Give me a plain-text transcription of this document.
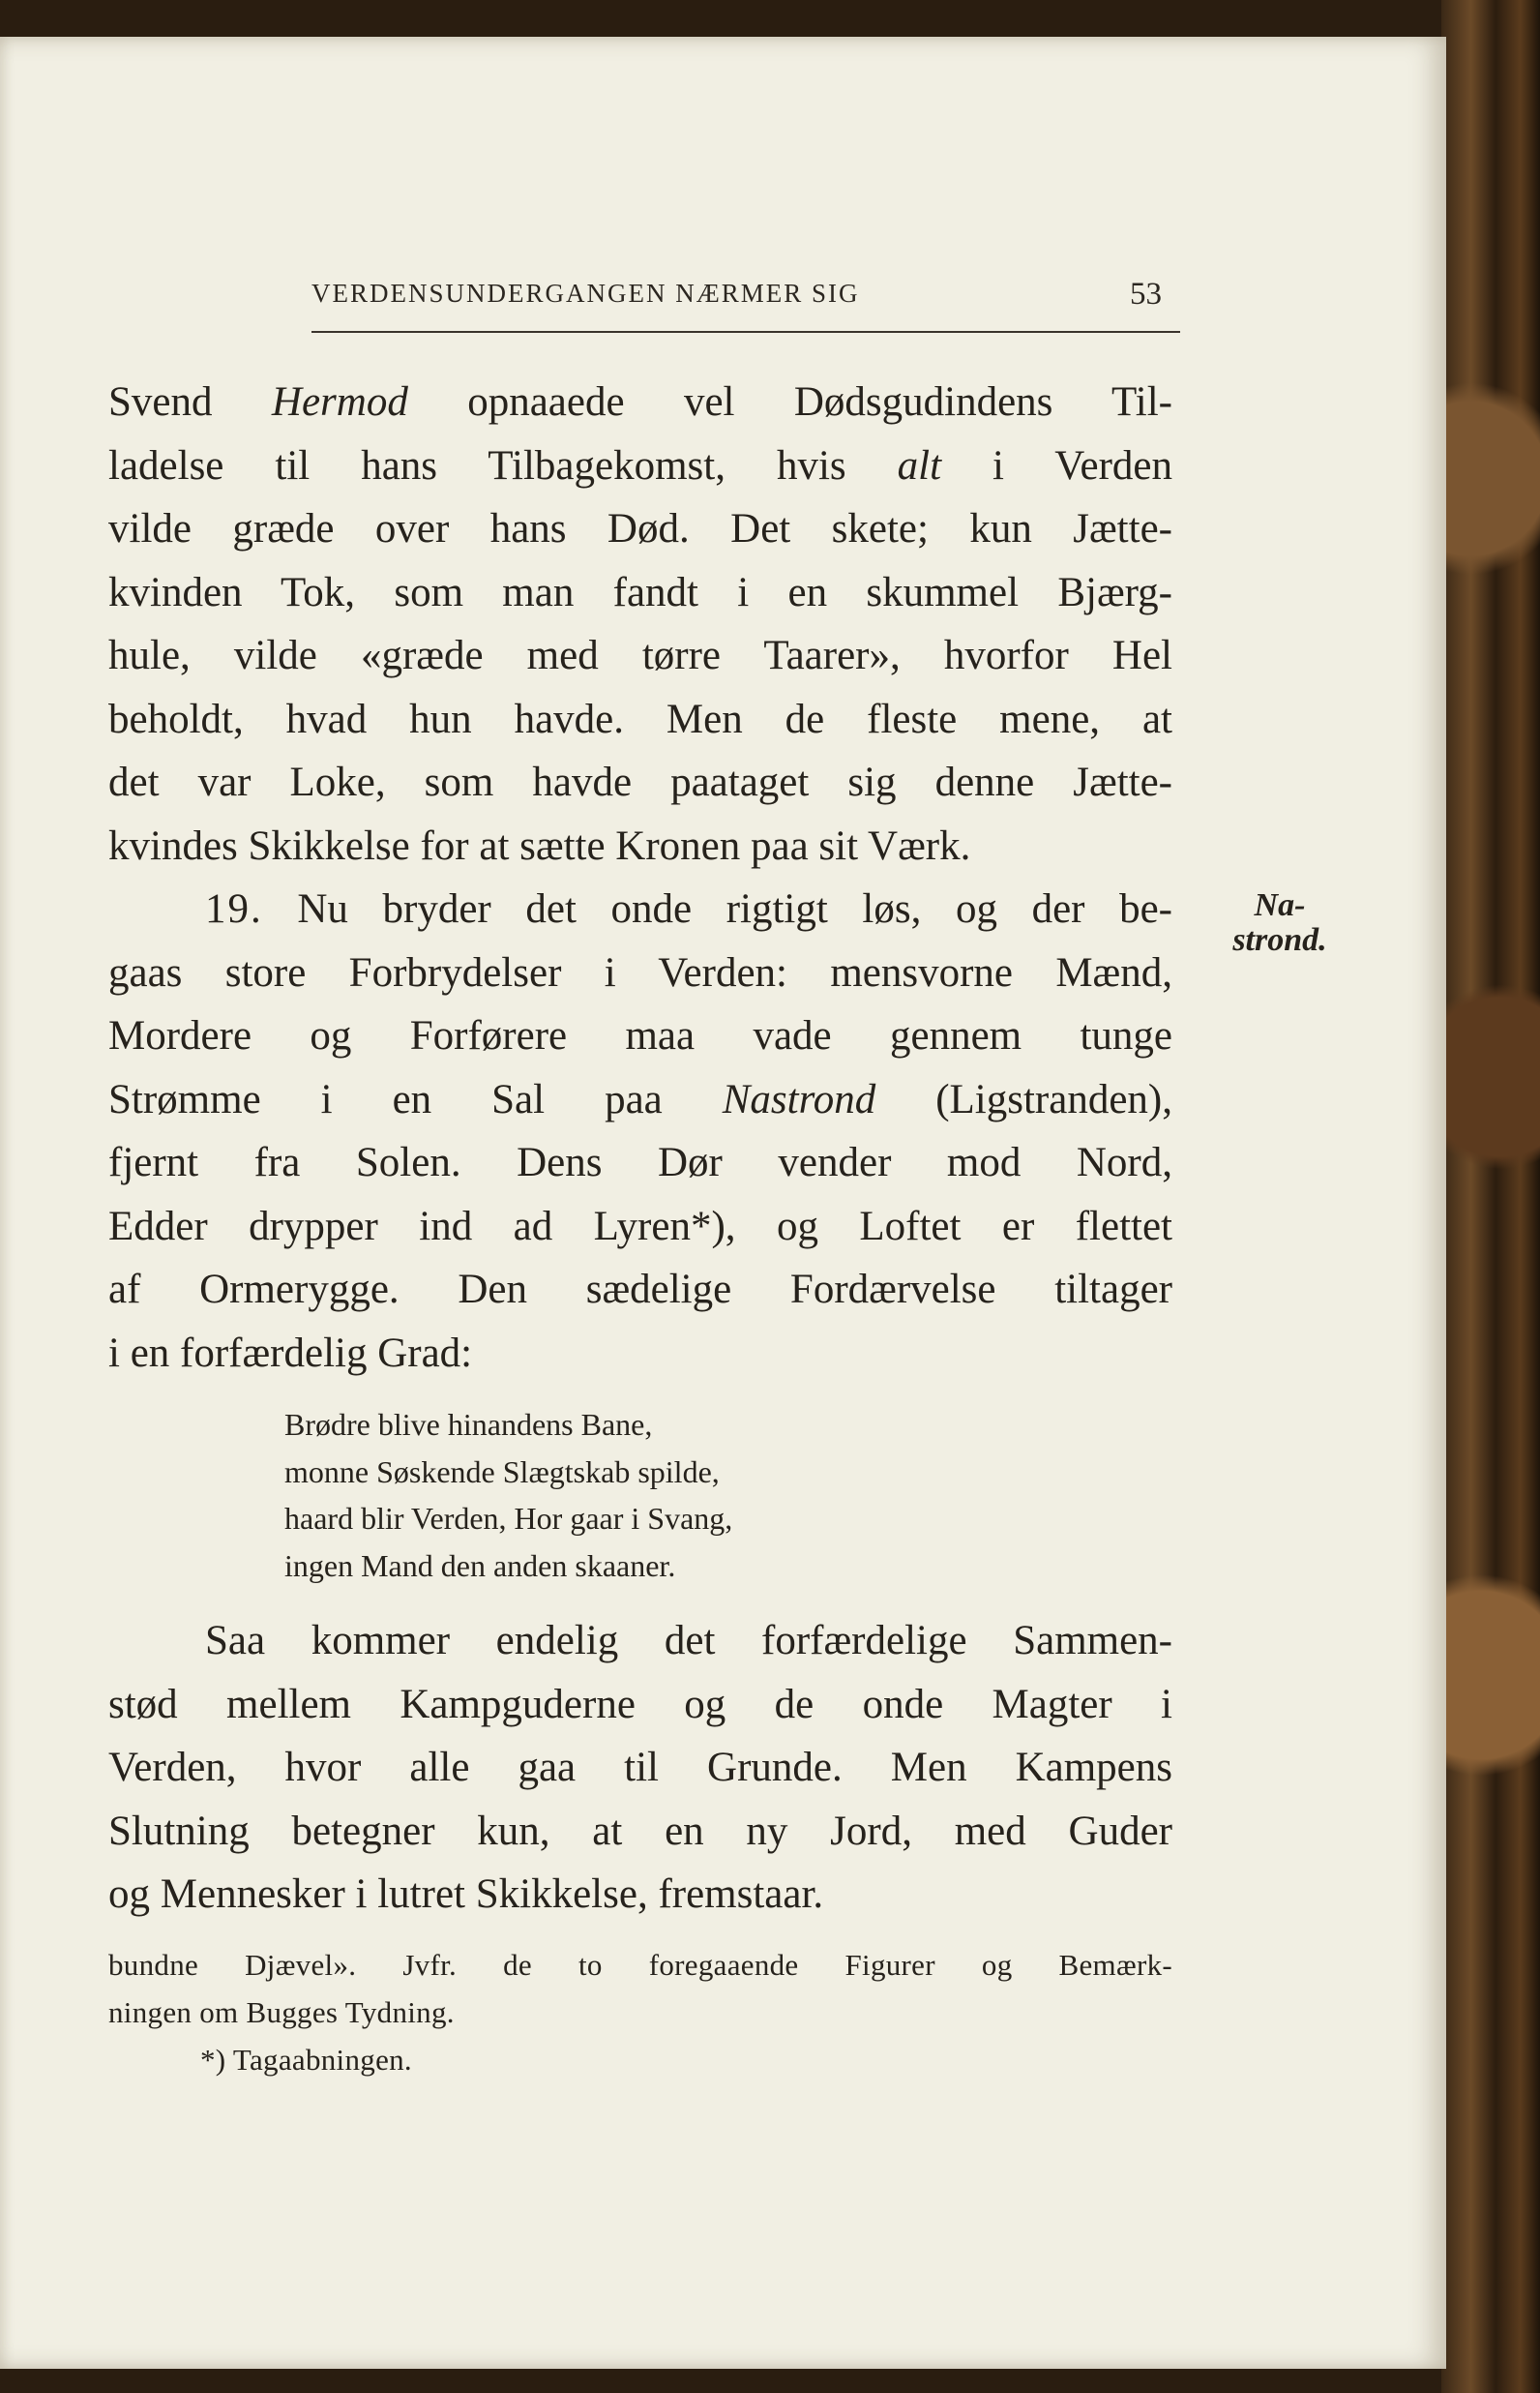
VERDENSUNDERGANGEN NÆRMER SIG	53
Svend Hermod opnaaede vel Dødsgudindens Til-
ladelse til hans Tilbagekomst, hvis alt i Verden
vilde græde over hans Død. Det skete; kun Jætte-
kvinden Tok, som man fandt i en skummel Bjærg-
hule, vilde «græde med tørre Taarer», hvorfor Hel
beholdt, hvad hun havde. Men de fleste mene, at
det var Loke, som havde paataget sig denne Jætte-
kvindes Skikkelse for at sætte Kronen paa sit Værk.
19. Nu bryder det onde rigtigt løs, og der be-
gaas store Forbrydelser i Verden: mensvorne Mænd,
Mordere og Forførere maa vade gennem tunge
Strømme i en Sal paa Nastrond (Ligstranden),
fjernt fra Solen. Dens Dør vender mod Nord,
Edder drypper ind ad Lyren*), og Loftet er flettet
af Ormerygge. Den sædelige Fordærvelse tiltager
i en forfærdelig Grad:
Na-
strond.
Brødre blive hinandens Bane,
monne Søskende Slægtskab spilde,
haard blir Verden, Hor gaar i Svang,
ingen Mand den anden skaaner.
Saa kommer endelig det forfærdelige Sammen-
stød mellem Kampguderne og de onde Magter i
Verden, hvor alle gaa til Grunde. Men Kampens
Slutning betegner kun, at en ny Jord, med Guder
og Mennesker i lutret Skikkelse, fremstaar.
bundne Djævel». Jvfr. de to foregaaende Figurer og Bemærk-
ningen om Bugges Tydning.
*) Tagaabningen.
